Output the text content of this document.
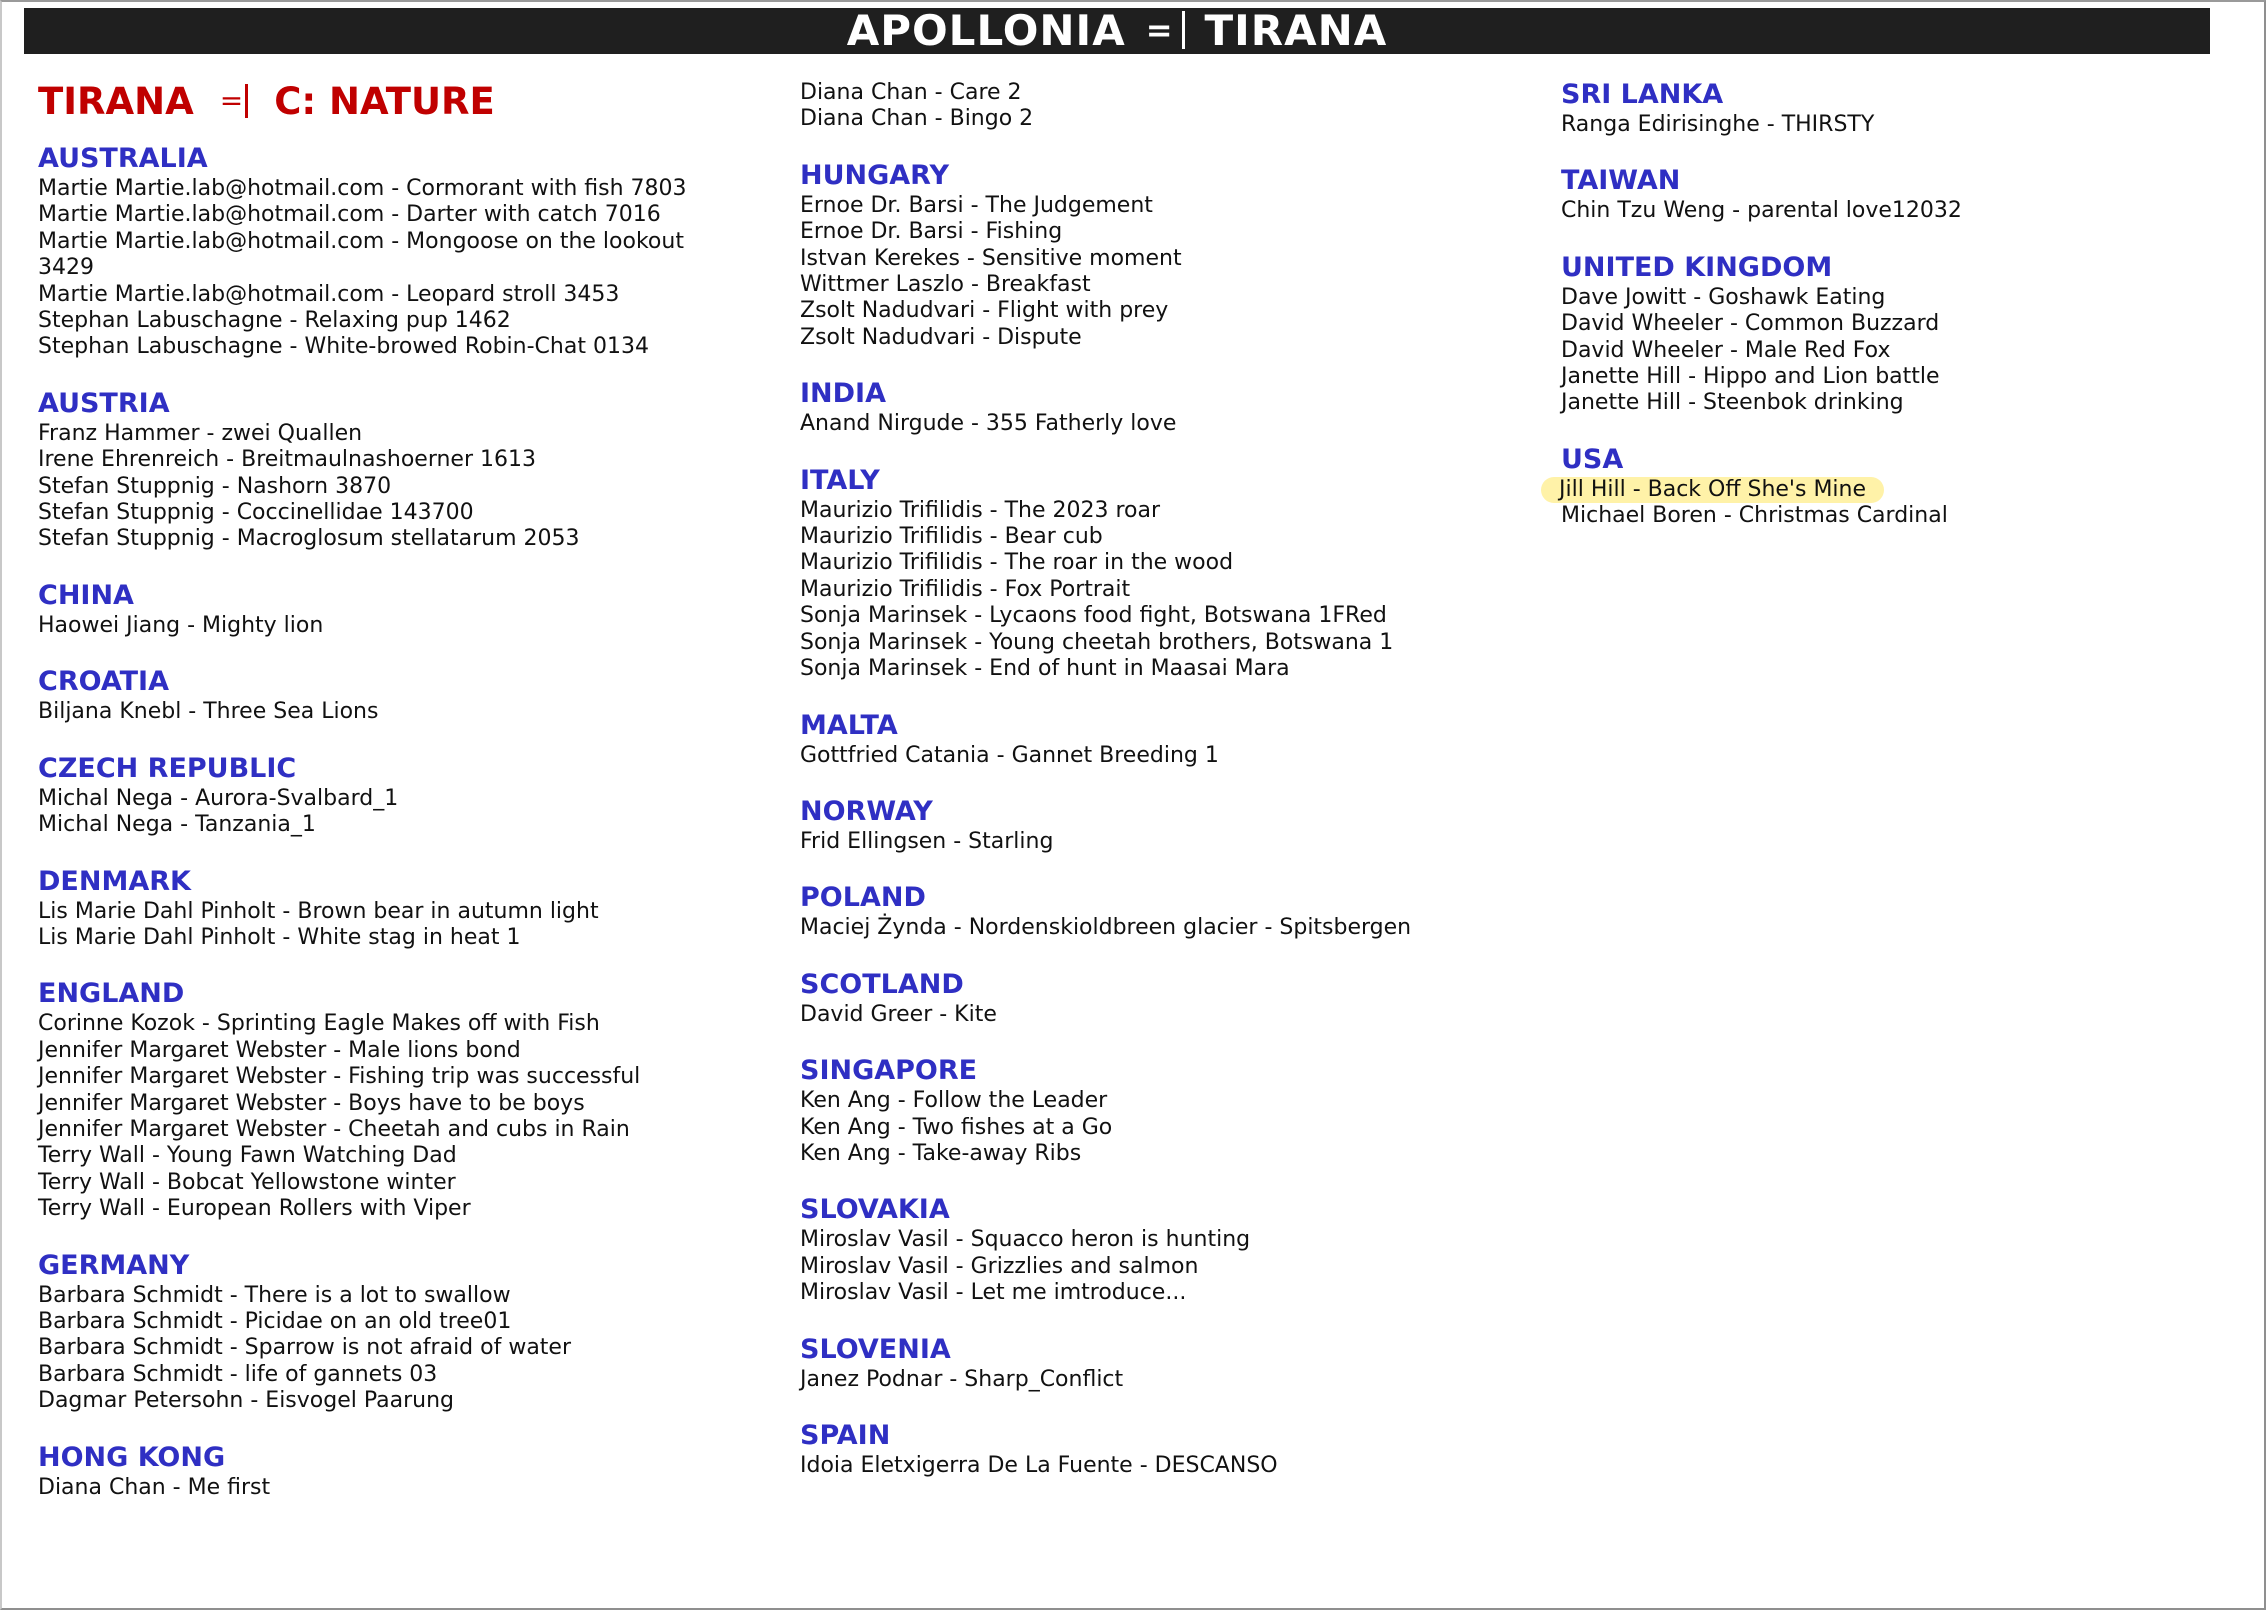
APOLLONIA = TIRANA
TIRANA = C: NATURE
AUSTRALIA
Martie Martie.lab@hotmail.com - Cormorant with fish 7803
Martie Martie.lab@hotmail.com - Darter with catch 7016
Martie Martie.lab@hotmail.com - Mongoose on the lookout 3429
Martie Martie.lab@hotmail.com - Leopard stroll 3453
Stephan Labuschagne - Relaxing pup 1462
Stephan Labuschagne - White-browed Robin-Chat 0134
AUSTRIA
Franz Hammer - zwei Quallen
Irene Ehrenreich - Breitmaulnashoerner 1613
Stefan Stuppnig - Nashorn 3870
Stefan Stuppnig - Coccinellidae 143700
Stefan Stuppnig - Macroglosum stellatarum 2053
CHINA
Haowei Jiang - Mighty lion
CROATIA
Biljana Knebl - Three Sea Lions
CZECH REPUBLIC
Michal Nega - Aurora-Svalbard_1
Michal Nega - Tanzania_1
DENMARK
Lis Marie Dahl Pinholt - Brown bear in autumn light
Lis Marie Dahl Pinholt - White stag in heat 1
ENGLAND
Corinne Kozok - Sprinting Eagle Makes off with Fish
Jennifer Margaret Webster - Male lions bond
Jennifer Margaret Webster - Fishing trip was successful
Jennifer Margaret Webster - Boys have to be boys
Jennifer Margaret Webster - Cheetah and cubs in Rain
Terry Wall - Young Fawn Watching Dad
Terry Wall - Bobcat Yellowstone winter
Terry Wall - European Rollers with Viper
GERMANY
Barbara Schmidt - There is a lot to swallow
Barbara Schmidt - Picidae on an old tree01
Barbara Schmidt - Sparrow is not afraid of water
Barbara Schmidt - life of gannets 03
Dagmar Petersohn - Eisvogel Paarung
HONG KONG
Diana Chan - Me first
Diana Chan - Care 2
Diana Chan - Bingo 2
HUNGARY
Ernoe Dr. Barsi - The Judgement
Ernoe Dr. Barsi - Fishing
Istvan Kerekes - Sensitive moment
Wittmer Laszlo - Breakfast
Zsolt Nadudvari - Flight with prey
Zsolt Nadudvari - Dispute
INDIA
Anand Nirgude - 355 Fatherly love
ITALY
Maurizio Trifilidis - The 2023 roar
Maurizio Trifilidis - Bear cub
Maurizio Trifilidis - The roar in the wood
Maurizio Trifilidis - Fox Portrait
Sonja Marinsek - Lycaons food fight, Botswana 1FRed
Sonja Marinsek - Young cheetah brothers, Botswana 1
Sonja Marinsek - End of hunt in Maasai Mara
MALTA
Gottfried Catania - Gannet Breeding 1
NORWAY
Frid Ellingsen - Starling
POLAND
Maciej Żynda - Nordenskioldbreen glacier - Spitsbergen
SCOTLAND
David Greer - Kite
SINGAPORE
Ken Ang - Follow the Leader
Ken Ang - Two fishes at a Go
Ken Ang - Take-away Ribs
SLOVAKIA
Miroslav Vasil - Squacco heron is hunting
Miroslav Vasil - Grizzlies and salmon
Miroslav Vasil - Let me imtroduce...
SLOVENIA
Janez Podnar - Sharp_Conflict
SPAIN
Idoia Eletxigerra De La Fuente - DESCANSO
SRI LANKA
Ranga Edirisinghe - THIRSTY
TAIWAN
Chin Tzu Weng - parental love12032
UNITED KINGDOM
Dave Jowitt - Goshawk Eating
David Wheeler - Common Buzzard
David Wheeler - Male Red Fox
Janette Hill - Hippo and Lion battle
Janette Hill - Steenbok drinking
USA
Jill Hill - Back Off She's Mine
Michael Boren - Christmas Cardinal
